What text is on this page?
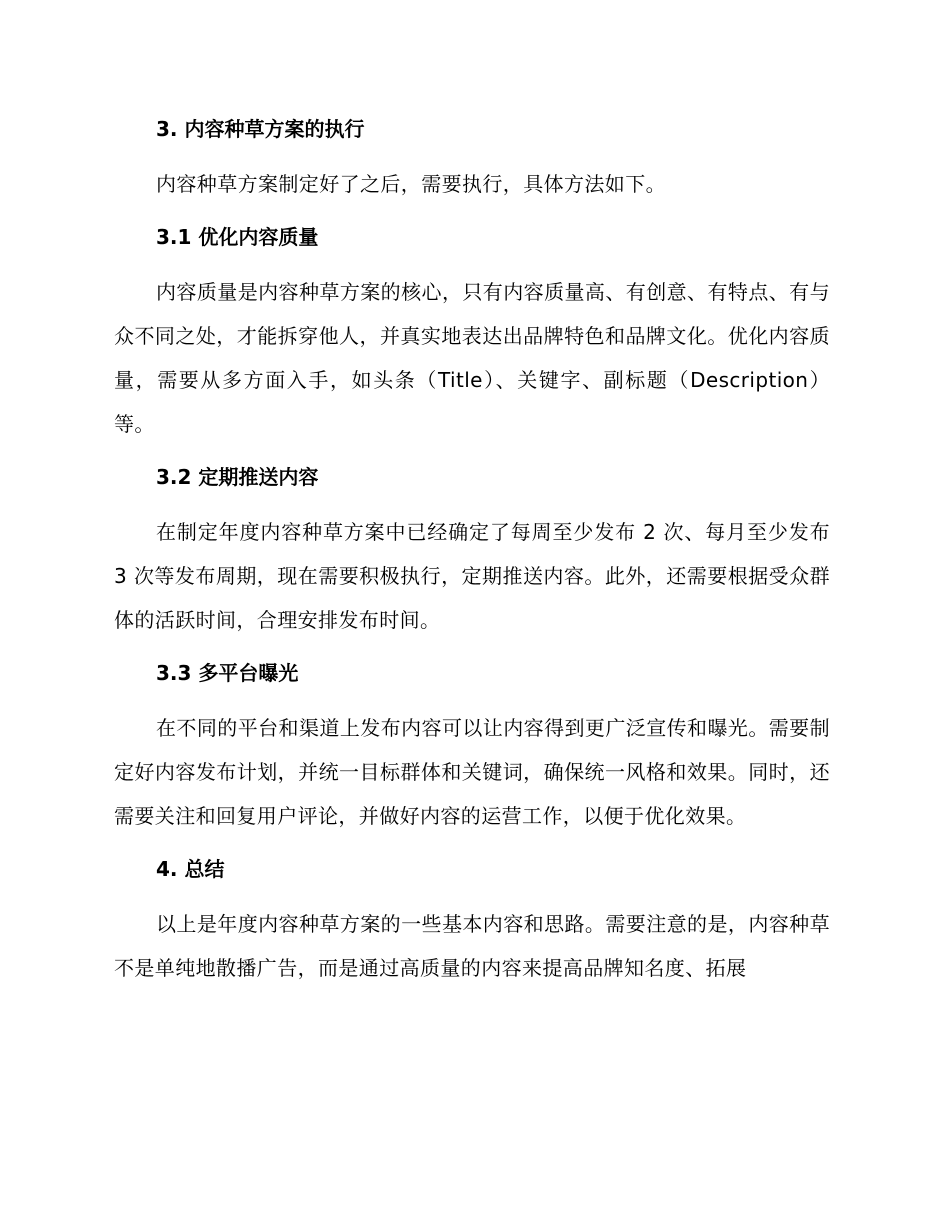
3. 内容种草方案的执行

内容种草方案制定好了之后，需要执行，具体方法如下。

3.1 优化内容质量

内容质量是内容种草方案的核心，只有内容质量高、有创意、有特点、有与众不同之处，才能拆穿他人，并真实地表达出品牌特色和品牌文化。优化内容质量，需要从多方面入手，如头条（Title）、关键字、副标题（Description）等。

3.2 定期推送内容

在制定年度内容种草方案中已经确定了每周至少发布 2 次、每月至少发布 3 次等发布周期，现在需要积极执行，定期推送内容。此外，还需要根据受众群体的活跃时间，合理安排发布时间。

3.3 多平台曝光

在不同的平台和渠道上发布内容可以让内容得到更广泛宣传和曝光。需要制定好内容发布计划，并统一目标群体和关键词，确保统一风格和效果。同时，还需要关注和回复用户评论，并做好内容的运营工作，以便于优化效果。

4. 总结

以上是年度内容种草方案的一些基本内容和思路。需要注意的是，内容种草不是单纯地散播广告，而是通过高质量的内容来提高品牌知名度、拓展
